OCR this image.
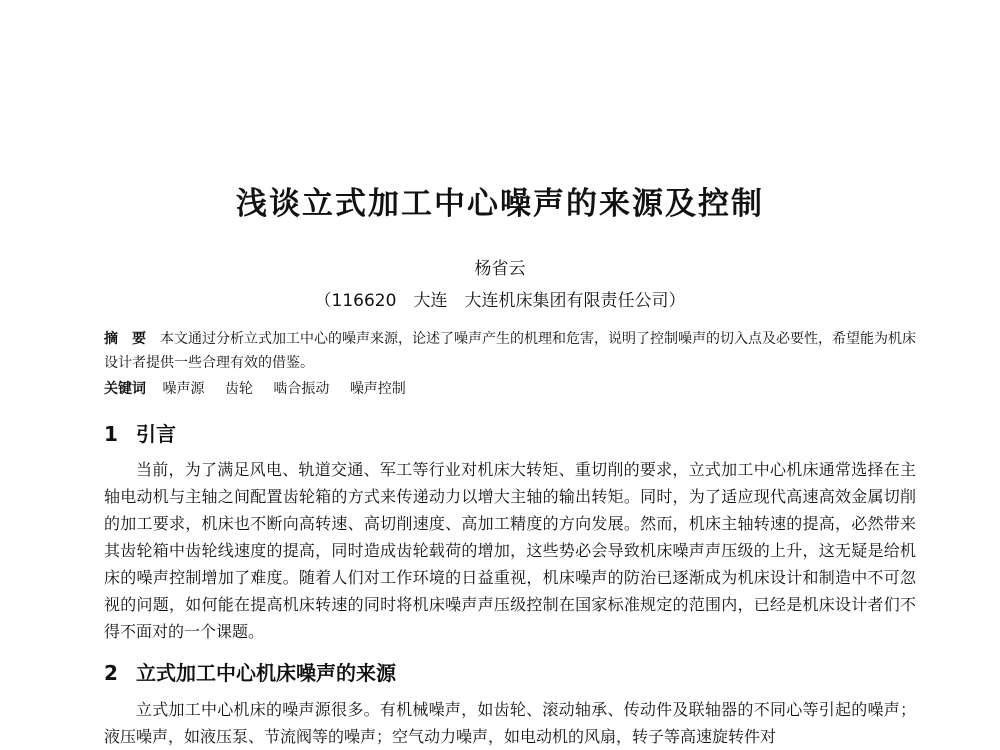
浅谈立式加工中心噪声的来源及控制
杨省云
（116620　大连　大连机床集团有限责任公司）
摘　要 本文通过分析立式加工中心的噪声来源，论述了噪声产生的机理和危害，说明了控制噪声的切入点及必要性，希望能为机床设计者提供一些合理有效的借鉴。
关键词 噪声源 齿轮 啮合振动 噪声控制
1 引言
当前，为了满足风电、轨道交通、军工等行业对机床大转矩、重切削的要求，立式加工中心机床通常选择在主轴电动机与主轴之间配置齿轮箱的方式来传递动力以增大主轴的输出转矩。同时，为了适应现代高速高效金属切削的加工要求，机床也不断向高转速、高切削速度、高加工精度的方向发展。然而，机床主轴转速的提高，必然带来其齿轮箱中齿轮线速度的提高，同时造成齿轮载荷的增加，这些势必会导致机床噪声声压级的上升，这无疑是给机床的噪声控制增加了难度。随着人们对工作环境的日益重视，机床噪声的防治已逐渐成为机床设计和制造中不可忽视的问题，如何能在提高机床转速的同时将机床噪声声压级控制在国家标准规定的范围内，已经是机床设计者们不得不面对的一个课题。
2 立式加工中心机床噪声的来源
立式加工中心机床的噪声源很多。有机械噪声，如齿轮、滚动轴承、传动件及联轴器的不同心等引起的噪声；液压噪声，如液压泵、节流阀等的噪声；空气动力噪声，如电动机的风扇，转子等高速旋转件对
